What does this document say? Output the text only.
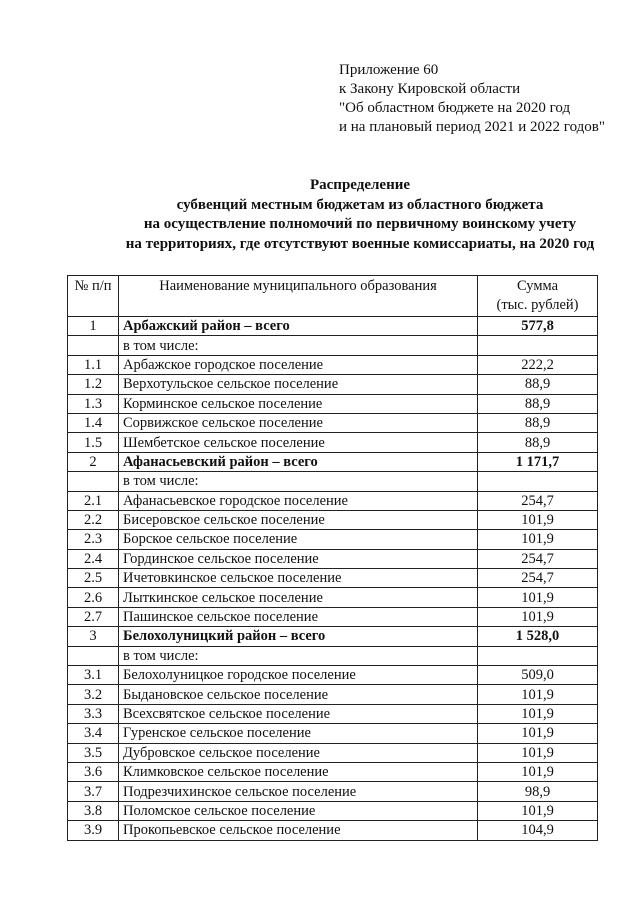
Приложение 60
к Закону Кировской области
"Об областном бюджете на 2020 год
и на плановый период 2021 и 2022 годов"
Распределение
субвенций местным бюджетам из областного бюджета
на осуществление полномочий по первичному воинскому учету
на территориях, где отсутствуют военные комиссариаты, на 2020 год
№ п/п	Наименование муниципального образования	Сумма
(тыс. рублей)

1	Арбажский район – всего	577,8
	в том числе:	
1.1	Арбажское городское поселение	222,2
1.2	Верхотульское сельское поселение	88,9
1.3	Корминское сельское поселение	88,9
1.4	Сорвижское сельское поселение	88,9
1.5	Шембетское сельское поселение	88,9
2	Афанасьевский район – всего	1 171,7
	в том числе:	
2.1	Афанасьевское городское поселение	254,7
2.2	Бисеровское сельское поселение	101,9
2.3	Борское сельское поселение	101,9
2.4	Гординское сельское поселение	254,7
2.5	Ичетовкинское сельское поселение	254,7
2.6	Лыткинское сельское поселение	101,9
2.7	Пашинское сельское поселение	101,9
3	Белохолуницкий район – всего	1 528,0
	в том числе:	
3.1	Белохолуницкое городское поселение	509,0
3.2	Быдановское сельское поселение	101,9
3.3	Всехсвятское сельское поселение	101,9
3.4	Гуренское сельское поселение	101,9
3.5	Дубровское сельское поселение	101,9
3.6	Климковское сельское поселение	101,9
3.7	Подрезчихинское сельское поселение	98,9
3.8	Поломское сельское поселение	101,9
3.9	Прокопьевское сельское поселение	104,9
